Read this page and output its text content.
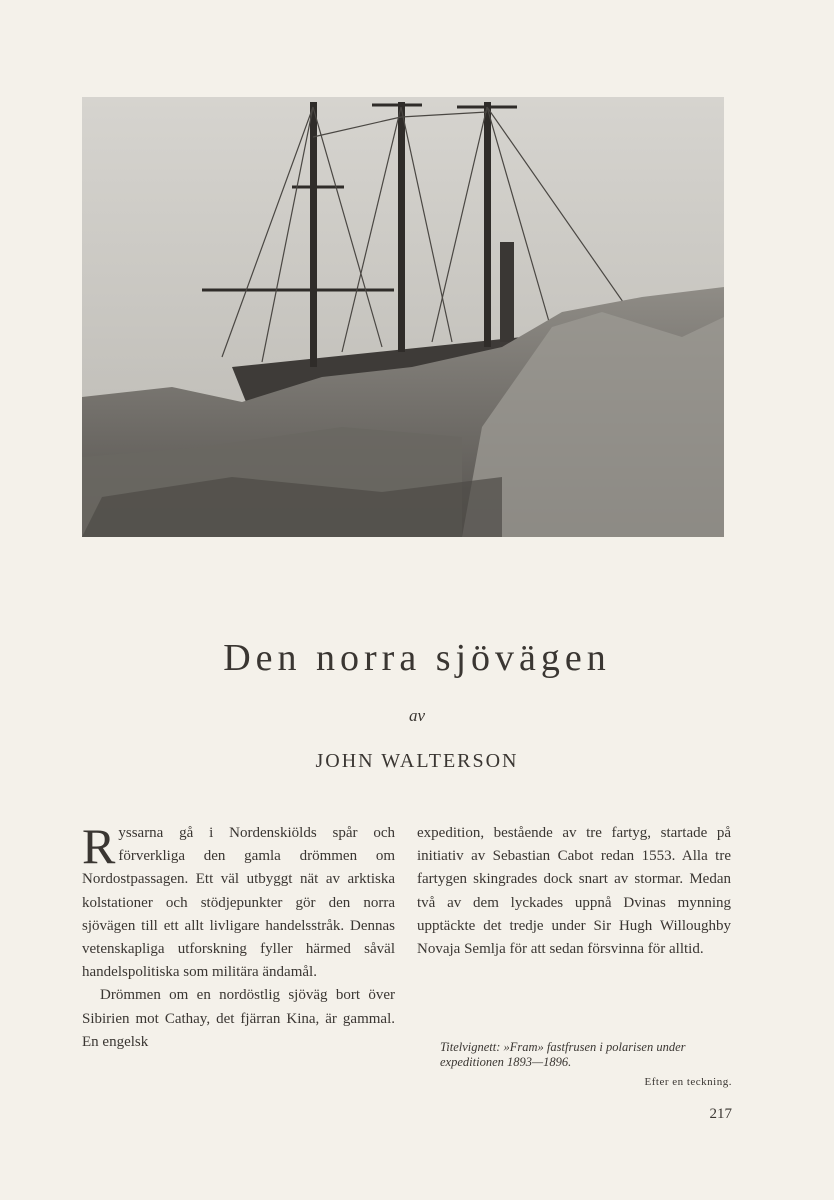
Den norra sjövägen
av
JOHN WALTERSON

Ryssarna gå i Nordenskiölds spår och förverkliga den gamla drömmen om Nordostpassagen. Ett väl utbyggt nät av arktiska kolstationer och stödjepunkter gör den norra sjövägen till ett allt livligare handelsstråk. Dennas vetenskapliga utforskning fyller härmed såväl handelspolitiska som militära ändamål.

Drömmen om en nordöstlig sjöväg bort över Sibirien mot Cathay, det fjärran Kina, är gammal. En engelsk

expedition, bestående av tre fartyg, startade på initiativ av Sebastian Cabot redan 1553. Alla tre fartygen skingrades dock snart av stormar. Medan två av dem lyckades uppnå Dvinas mynning upptäckte det tredje under Sir Hugh Willoughby Novaja Semlja för att sedan försvinna för alltid.

Titelvignett: »Fram» fastfrusen i polarisen under expeditionen 1893—1896.
Efter en teckning.
217
